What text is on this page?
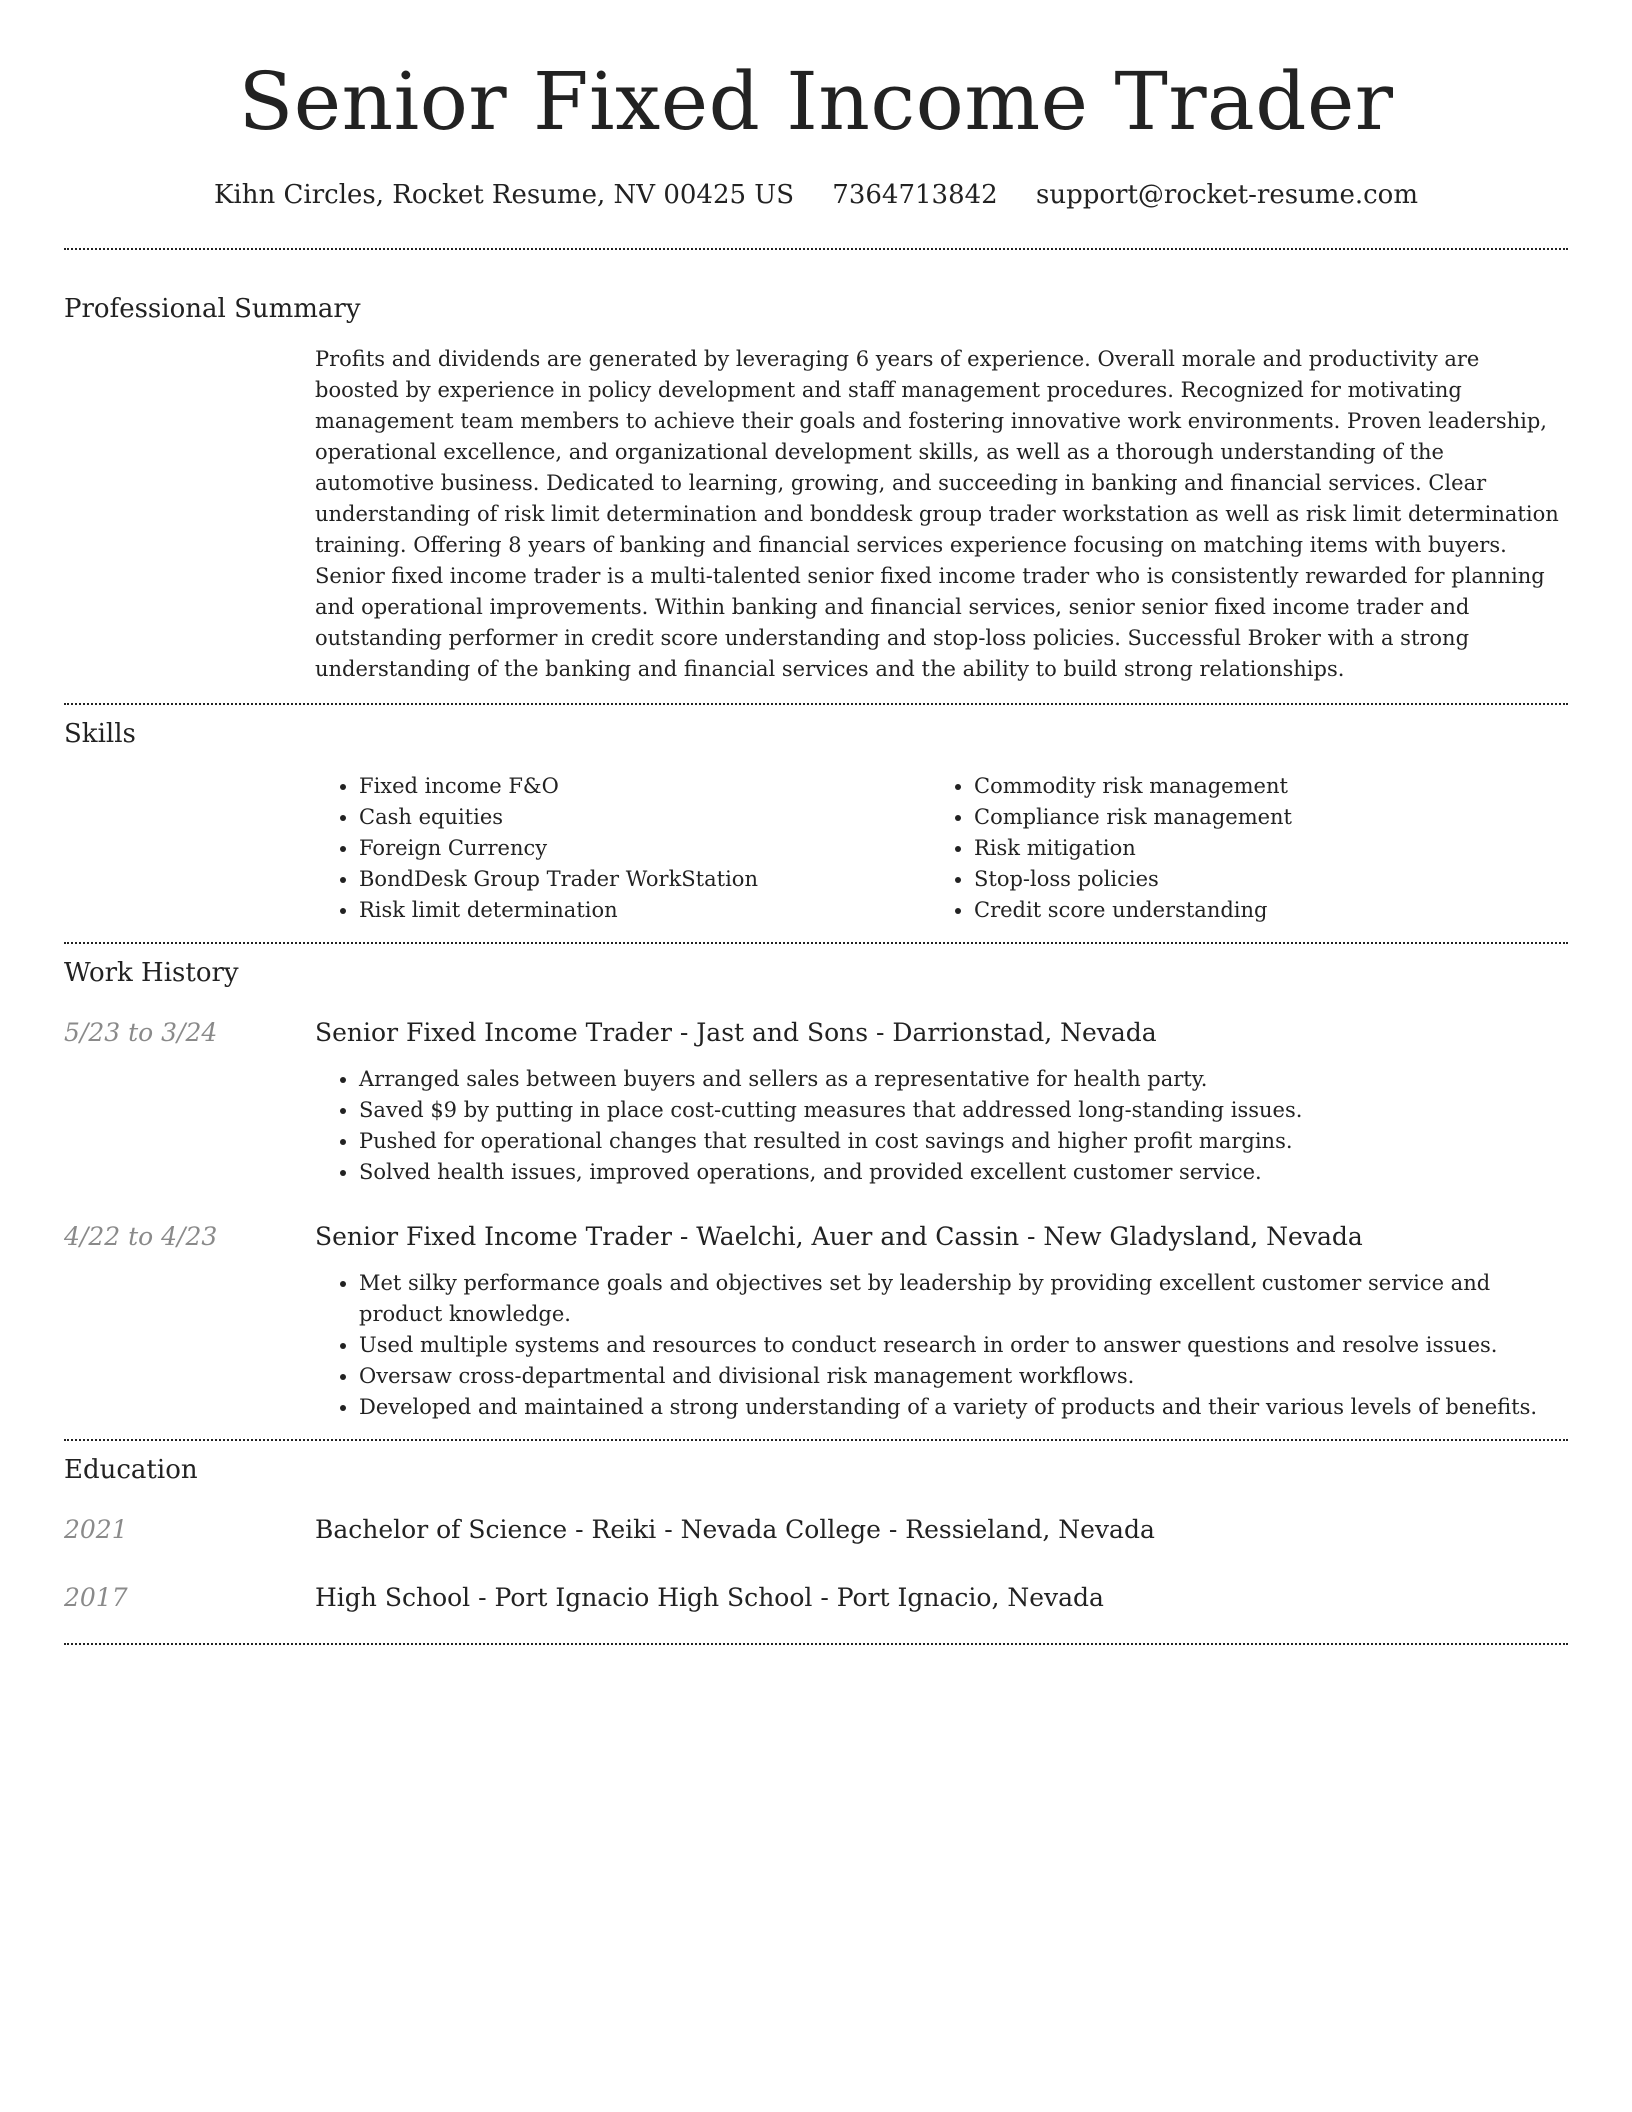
Senior Fixed Income Trader
Kihn Circles, Rocket Resume, NV 00425 US 7364713842 support@rocket-resume.com
Professional Summary
Profits and dividends are generated by leveraging 6 years of experience. Overall morale and productivity are boosted by experience in policy development and staff management procedures. Recognized for motivating management team members to achieve their goals and fostering innovative work environments. Proven leadership, operational excellence, and organizational development skills, as well as a thorough understanding of the automotive business. Dedicated to learning, growing, and succeeding in banking and financial services. Clear understanding of risk limit determination and bonddesk group trader workstation as well as risk limit determination training. Offering 8 years of banking and financial services experience focusing on matching items with buyers. Senior fixed income trader is a multi-talented senior fixed income trader who is consistently rewarded for planning and operational improvements. Within banking and financial services, senior senior fixed income trader and outstanding performer in credit score understanding and stop-loss policies. Successful Broker with a strong understanding of the banking and financial services and the ability to build strong relationships.
Skills
• Fixed income F&O
• Cash equities
• Foreign Currency
• BondDesk Group Trader WorkStation
• Risk limit determination
• Commodity risk management
• Compliance risk management
• Risk mitigation
• Stop-loss policies
• Credit score understanding
Work History
5/23 to 3/24	Senior Fixed Income Trader - Jast and Sons - Darrionstad, Nevada
• Arranged sales between buyers and sellers as a representative for health party.
• Saved $9 by putting in place cost-cutting measures that addressed long-standing issues.
• Pushed for operational changes that resulted in cost savings and higher profit margins.
• Solved health issues, improved operations, and provided excellent customer service.
4/22 to 4/23	Senior Fixed Income Trader - Waelchi, Auer and Cassin - New Gladysland, Nevada
• Met silky performance goals and objectives set by leadership by providing excellent customer service and product knowledge.
• Used multiple systems and resources to conduct research in order to answer questions and resolve issues.
• Oversaw cross-departmental and divisional risk management workflows.
• Developed and maintained a strong understanding of a variety of products and their various levels of benefits.
Education
2021	Bachelor of Science - Reiki - Nevada College - Ressieland, Nevada
2017	High School - Port Ignacio High School - Port Ignacio, Nevada
